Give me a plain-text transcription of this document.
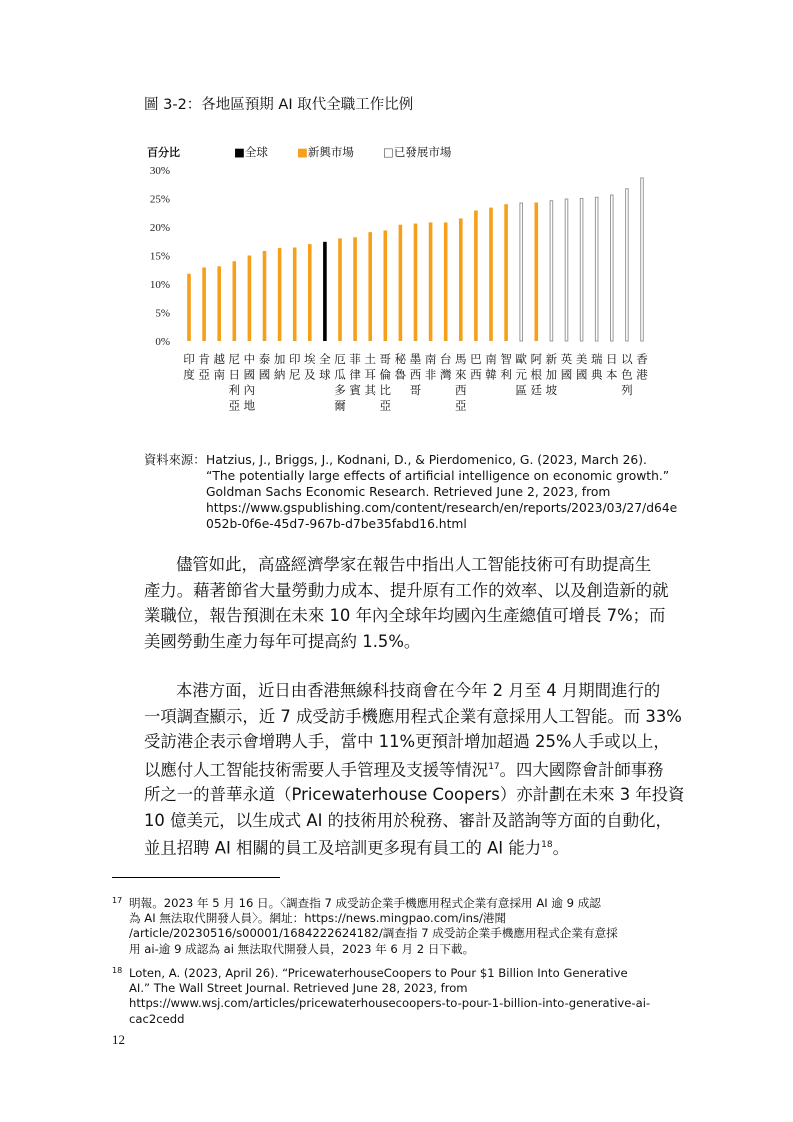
圖 3-2：各地區預期 AI 取代全職工作比例
百分比	■全球	■新興市場	□已發展市場
0%
5%
10%
15%
20%
25%
30%
印
度
肯
亞
越
南
尼
日
利
亞
中
國
內
地
泰
國
加
納
印
尼
埃
及
全
球
厄
瓜
多
爾
菲
律
賓
土
耳
其
哥
倫
比
亞
秘
魯
墨
西
哥
南
非
台
灣
馬
來
西
亞
巴
西
南
韓
智
利
歐
元
區
阿
根
廷
新
加
坡
英
國
美
國
瑞
典
日
本
以
色
列
香
港
資料來源： Hatzius, J., Briggs, J., Kodnani, D., & Pierdomenico, G. (2023, March 26).
“The potentially large effects of artificial intelligence on economic growth.”
Goldman Sachs Economic Research. Retrieved June 2, 2023, from
https://www.gspublishing.com/content/research/en/reports/2023/03/27/d64e
052b-0f6e-45d7-967b-d7be35fabd16.html
儘管如此，高盛經濟學家在報告中指出人工智能技術可有助提高生
產力。藉著節省大量勞動力成本、提升原有工作的效率、以及創造新的就
業職位，報告預測在未來 10 年內全球年均國內生產總值可增長 7%；而
美國勞動生產力每年可提高約 1.5%。
本港方面，近日由香港無線科技商會在今年 2 月至 4 月期間進行的
一項調查顯示，近 7 成受訪手機應用程式企業有意採用人工智能。而 33%
受訪港企表示會增聘人手，當中 11%更預計增加超過 25%人手或以上，
以應付人工智能技術需要人手管理及支援等情況$^{17}$。四大國際會計師事務
所之一的普華永道（Pricewaterhouse Coopers）亦計劃在未來 3 年投資
10 億美元，以生成式 AI 的技術用於稅務、審計及諮詢等方面的自動化，
並且招聘 AI 相關的員工及培訓更多現有員工的 AI 能力$^{18}$。
17 明報。2023 年 5 月 16 日。〈調查指 7 成受訪企業手機應用程式企業有意採用 AI 逾 9 成認
為 AI 無法取代開發人員〉。網址：https://news.mingpao.com/ins/港聞
/article/20230516/s00001/1684222624182/調查指 7 成受訪企業手機應用程式企業有意採
用 ai-逾 9 成認為 ai 無法取代開發人員，2023 年 6 月 2 日下載。
18 Loten, A. (2023, April 26). “PricewaterhouseCoopers to Pour $1 Billion Into Generative
AI.” The Wall Street Journal. Retrieved June 28, 2023, from
https://www.wsj.com/articles/pricewaterhousecoopers-to-pour-1-billion-into-generative-ai-
cac2cedd
12
